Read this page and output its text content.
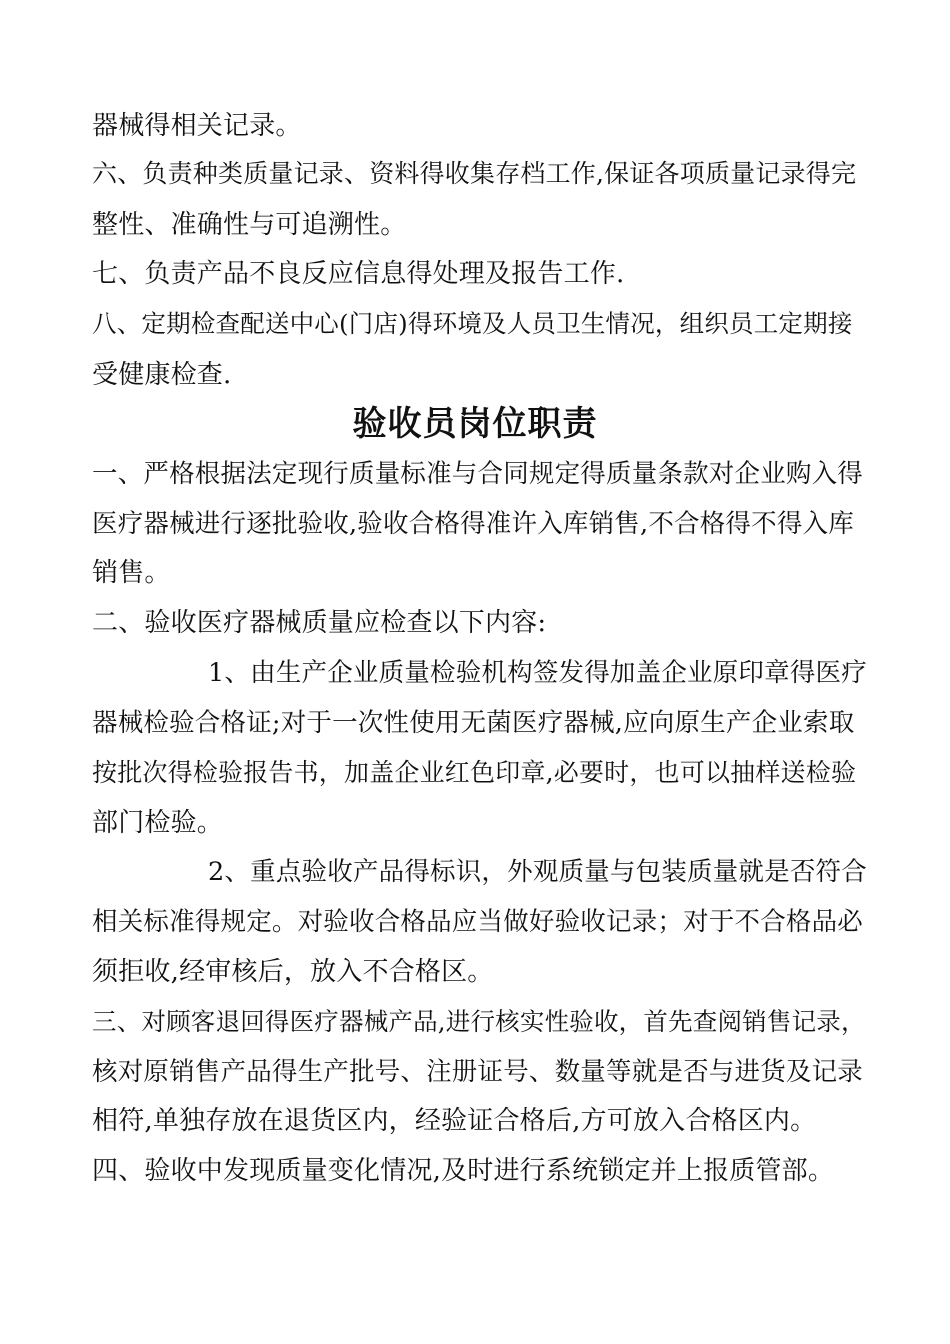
器械得相关记录。
六、负责种类质量记录、资料得收集存档工作,保证各项质量记录得完
整性、准确性与可追溯性。
七、负责产品不良反应信息得处理及报告工作.
八、定期检查配送中心(门店)得环境及人员卫生情况，组织员工定期接
受健康检查.
验收员岗位职责
一、严格根据法定现行质量标准与合同规定得质量条款对企业购入得
医疗器械进行逐批验收,验收合格得准许入库销售,不合格得不得入库
销售。
二、验收医疗器械质量应检查以下内容:
1、由生产企业质量检验机构签发得加盖企业原印章得医疗
器械检验合格证;对于一次性使用无菌医疗器械,应向原生产企业索取
按批次得检验报告书，加盖企业红色印章,必要时，也可以抽样送检验
部门检验。
2、重点验收产品得标识，外观质量与包装质量就是否符合
相关标准得规定。对验收合格品应当做好验收记录；对于不合格品必
须拒收,经审核后，放入不合格区。
三、对顾客退回得医疗器械产品,进行核实性验收，首先查阅销售记录，
核对原销售产品得生产批号、注册证号、数量等就是否与进货及记录
相符,单独存放在退货区内，经验证合格后,方可放入合格区内。
四、验收中发现质量变化情况,及时进行系统锁定并上报质管部。
